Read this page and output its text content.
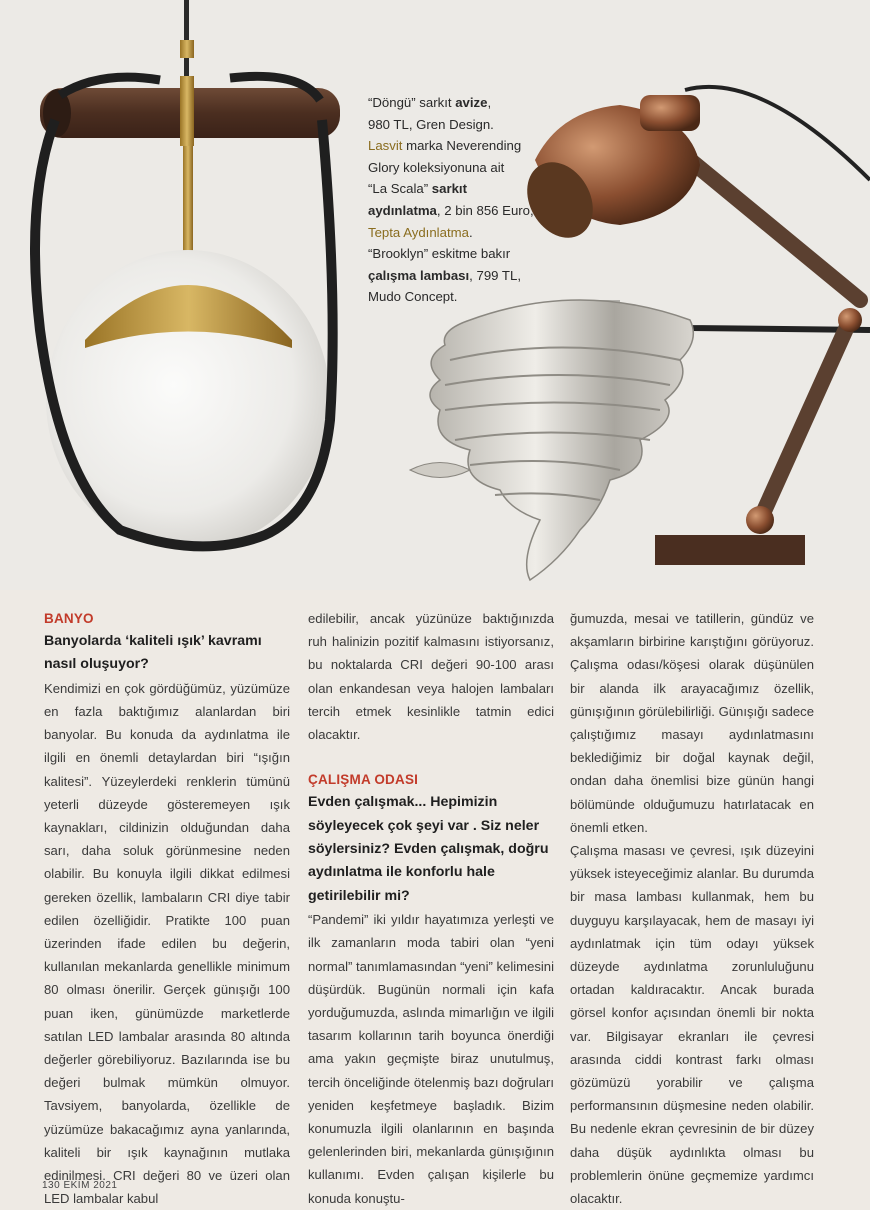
“Döngü” sarkıt avize,
980 TL, Gren Design.
Lasvit marka Neverending
Glory koleksiyonuna ait
“La Scala” sarkıt
aydınlatma, 2 bin 856 Euro,
Tepta Aydınlatma.
“Brooklyn” eskitme bakır
çalışma lambası, 799 TL,
Mudo Concept.
BANYO
Banyolarda ‘kaliteli ışık’ kavramı nasıl oluşuyor?

Kendimizi en çok gördüğümüz, yüzümüze en fazla baktığımız alanlardan biri banyolar. Bu konuda da aydınlatma ile ilgili en önemli detaylardan biri “ışığın kalitesi”. Yüzeylerdeki renklerin tümünü yeterli düzeyde gösteremeyen ışık kaynakları, cildinizin olduğundan daha sarı, daha soluk görünmesine neden olabilir. Bu konuyla ilgili dikkat edilmesi gereken özellik, lambaların CRI diye tabir edilen özelliğidir. Pratikte 100 puan üzerinden ifade edilen bu değerin, kullanılan mekanlarda genellikle minimum 80 olması önerilir. Gerçek günışığı 100 puan iken, günümüzde marketlerde satılan LED lambalar arasında 80 altında değerler görebiliyoruz. Bazılarında ise bu değeri bulmak mümkün olmuyor. Tavsiyem, banyolarda, özellikle de yüzümüze bakacağımız ayna yanlarında, kaliteli bir ışık kaynağının mutlaka edinilmesi. CRI değeri 80 ve üzeri olan LED lambalar kabul

edilebilir, ancak yüzünüze baktığınızda ruh halinizin pozitif kalmasını istiyorsanız, bu noktalarda CRI değeri 90-100 arası olan enkandesan veya halojen lambaları tercih etmek kesinlikle tatmin edici olacaktır.

ÇALIŞMA ODASI
Evden çalışmak... Hepimizin söyleyecek çok şeyi var . Siz neler söylersiniz? Evden çalışmak, doğru aydınlatma ile konforlu hale getirilebilir mi?

“Pandemi” iki yıldır hayatımıza yerleşti ve ilk zamanların moda tabiri olan “yeni normal” tanımlamasından “yeni” kelimesini düşürdük. Bugünün normali için kafa yorduğumuzda, aslında mimarlığın ve ilgili tasarım kollarının tarih boyunca önerdiği ama yakın geçmişte biraz unutulmuş, tercih önceliğinde ötelenmiş bazı doğruları yeniden keşfetmeye başladık. Bizim konumuzla ilgili olanlarının en başında gelenlerinden biri, mekanlarda günışığının kullanımı. Evden çalışan kişilerle bu konuda konuştu-

ğumuzda, mesai ve tatillerin, gündüz ve akşamların birbirine karıştığını görüyoruz. Çalışma odası/köşesi olarak düşünülen bir alanda ilk arayacağımız özellik, günışığının görülebilirliği. Günışığı sadece çalıştığımız masayı aydınlatmasını beklediğimiz bir doğal kaynak değil, ondan daha önemlisi bize günün hangi bölümünde olduğumuzu hatırlatacak en önemli etken.

Çalışma masası ve çevresi, ışık düzeyini yüksek isteyeceğimiz alanlar. Bu durumda bir masa lambası kullanmak, hem bu duyguyu karşılayacak, hem de masayı iyi aydınlatmak için tüm odayı yüksek düzeyde aydınlatma zorunluluğunu ortadan kaldıracaktır. Ancak burada görsel konfor açısından önemli bir nokta var. Bilgisayar ekranları ile çevresi arasında ciddi kontrast farkı olması gözümüzü yorabilir ve çalışma performansının düşmesine neden olabilir. Bu nedenle ekran çevresinin de bir düzey daha düşük aydınlıkta olması bu problemlerin önüne geçmemize yardımcı olacaktır.

130 EKİM 2021
